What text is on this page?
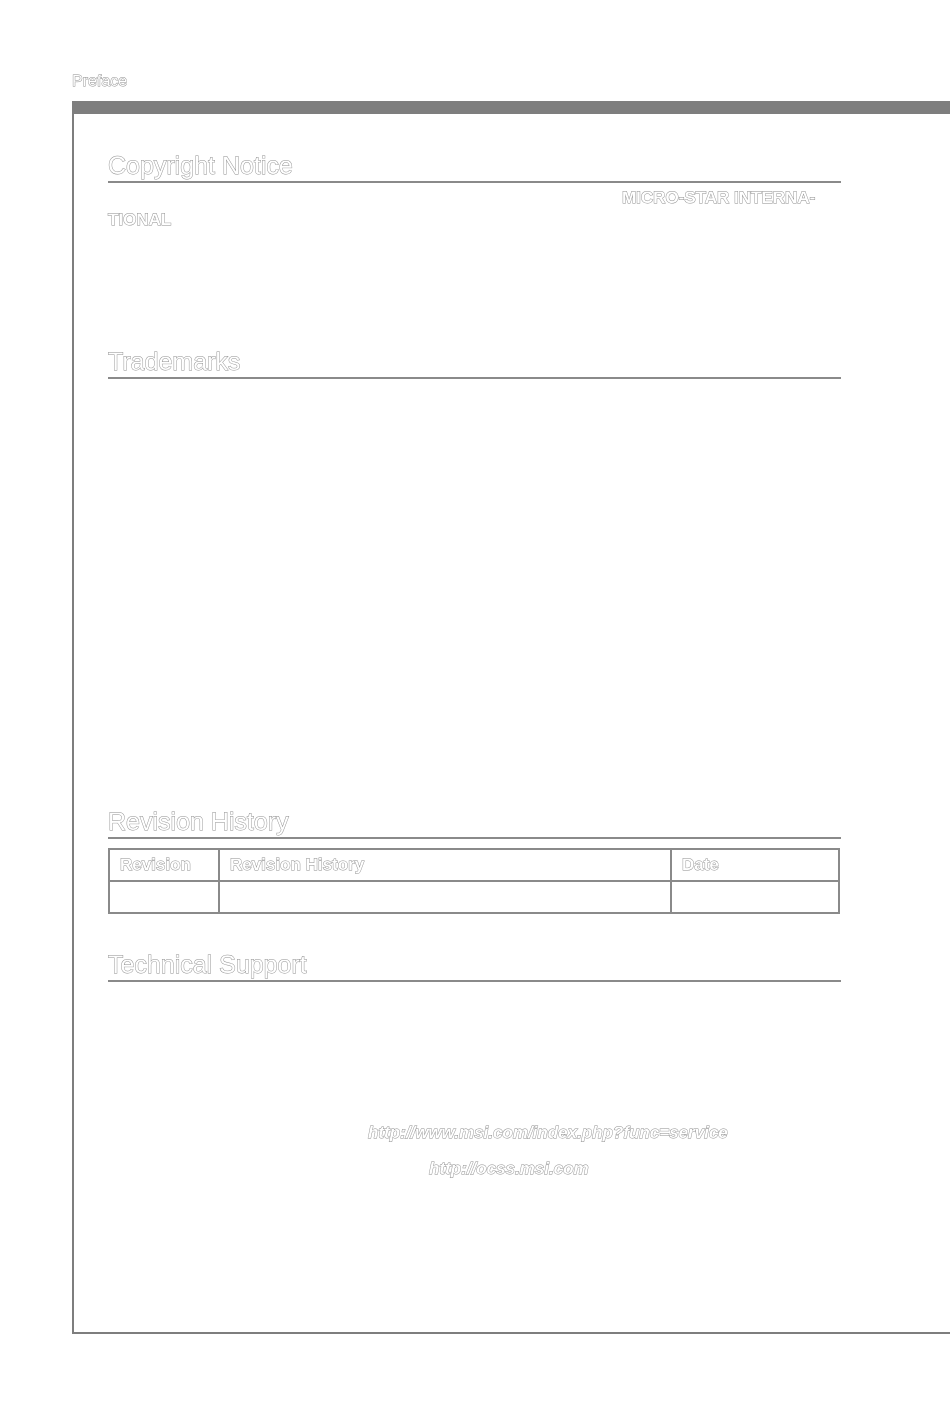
Preface
Copyright Notice
MICRO-STAR INTERNA-
TIONAL
Trademarks
Revision History
Revision	Revision History	Date

Technical Support
http://www.msi.com/index.php?func=service
http://ocss.msi.com
